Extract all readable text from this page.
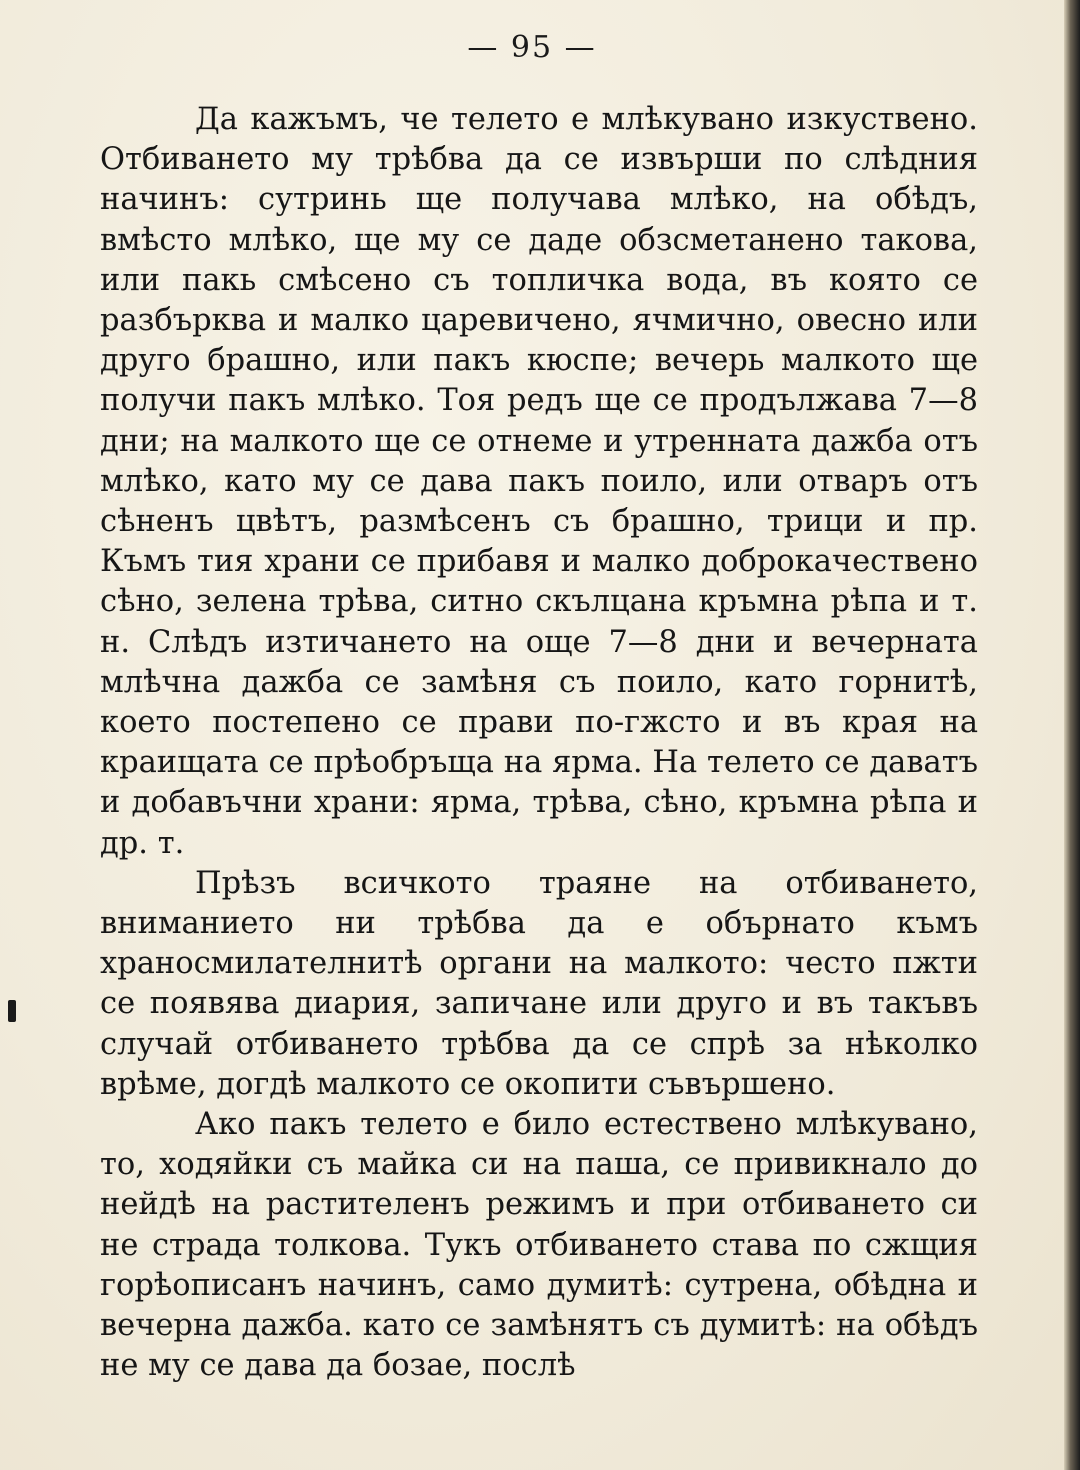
— 95 —

Да кажъмъ, че телето е млѣкувано изкуствено. Отбиването му трѣбва да се извърши по слѣдния начинъ: сутринь ще получава млѣко, на обѣдъ, вмѣсто млѣко, ще му се даде обзсметанено такова, или пакь смѣсено съ топличка вода, въ която се разбърква и малко царевичено, ячмично, овесно или друго брашно, или пакъ кюспе; вечерь малкото ще получи пакъ млѣко. Тоя редъ ще се продължава 7—8 дни; на малкото ще се отнеме и утренната дажба отъ млѣко, като му се дава пакъ поило, или отваръ отъ сѣненъ цвѣтъ, размѣсенъ съ брашно, трици и пр. Къмъ тия храни се прибавя и малко доброкачествено сѣно, зелена трѣва, ситно скълцана кръмна рѣпа и т. н. Слѣдъ изтичането на още 7—8 дни и вечерната млѣчна дажба се замѣня съ поило, като горнитѣ, което постепено се прави по-гжсто и въ края на краищата се прѣобръща на ярма. На телето се даватъ и добавъчни храни: ярма, трѣва, сѣно, кръмна рѣпа и др. т.

Прѣзъ всичкото траяне на отбиването, вниманието ни трѣбва да е обърнато къмъ храносмилателнитѣ органи на малкото: често пжти се появява диария, запичане или друго и въ такъвъ случай отбиването трѣбва да се спрѣ за нѣколко врѣме, догдѣ малкото се окопити съвършено.

Ако пакъ телето е било естествено млѣкувано, то, ходяйки съ майка си на паша, се привикнало до нейдѣ на растителенъ режимъ и при отбиването си не страда толкова. Тукъ отбиването става по сжщия горѣописанъ начинъ, само думитѣ: сутрена, обѣдна и вечерна дажба. като се замѣнятъ съ думитѣ: на обѣдъ не му се дава да бозае, послѣ
